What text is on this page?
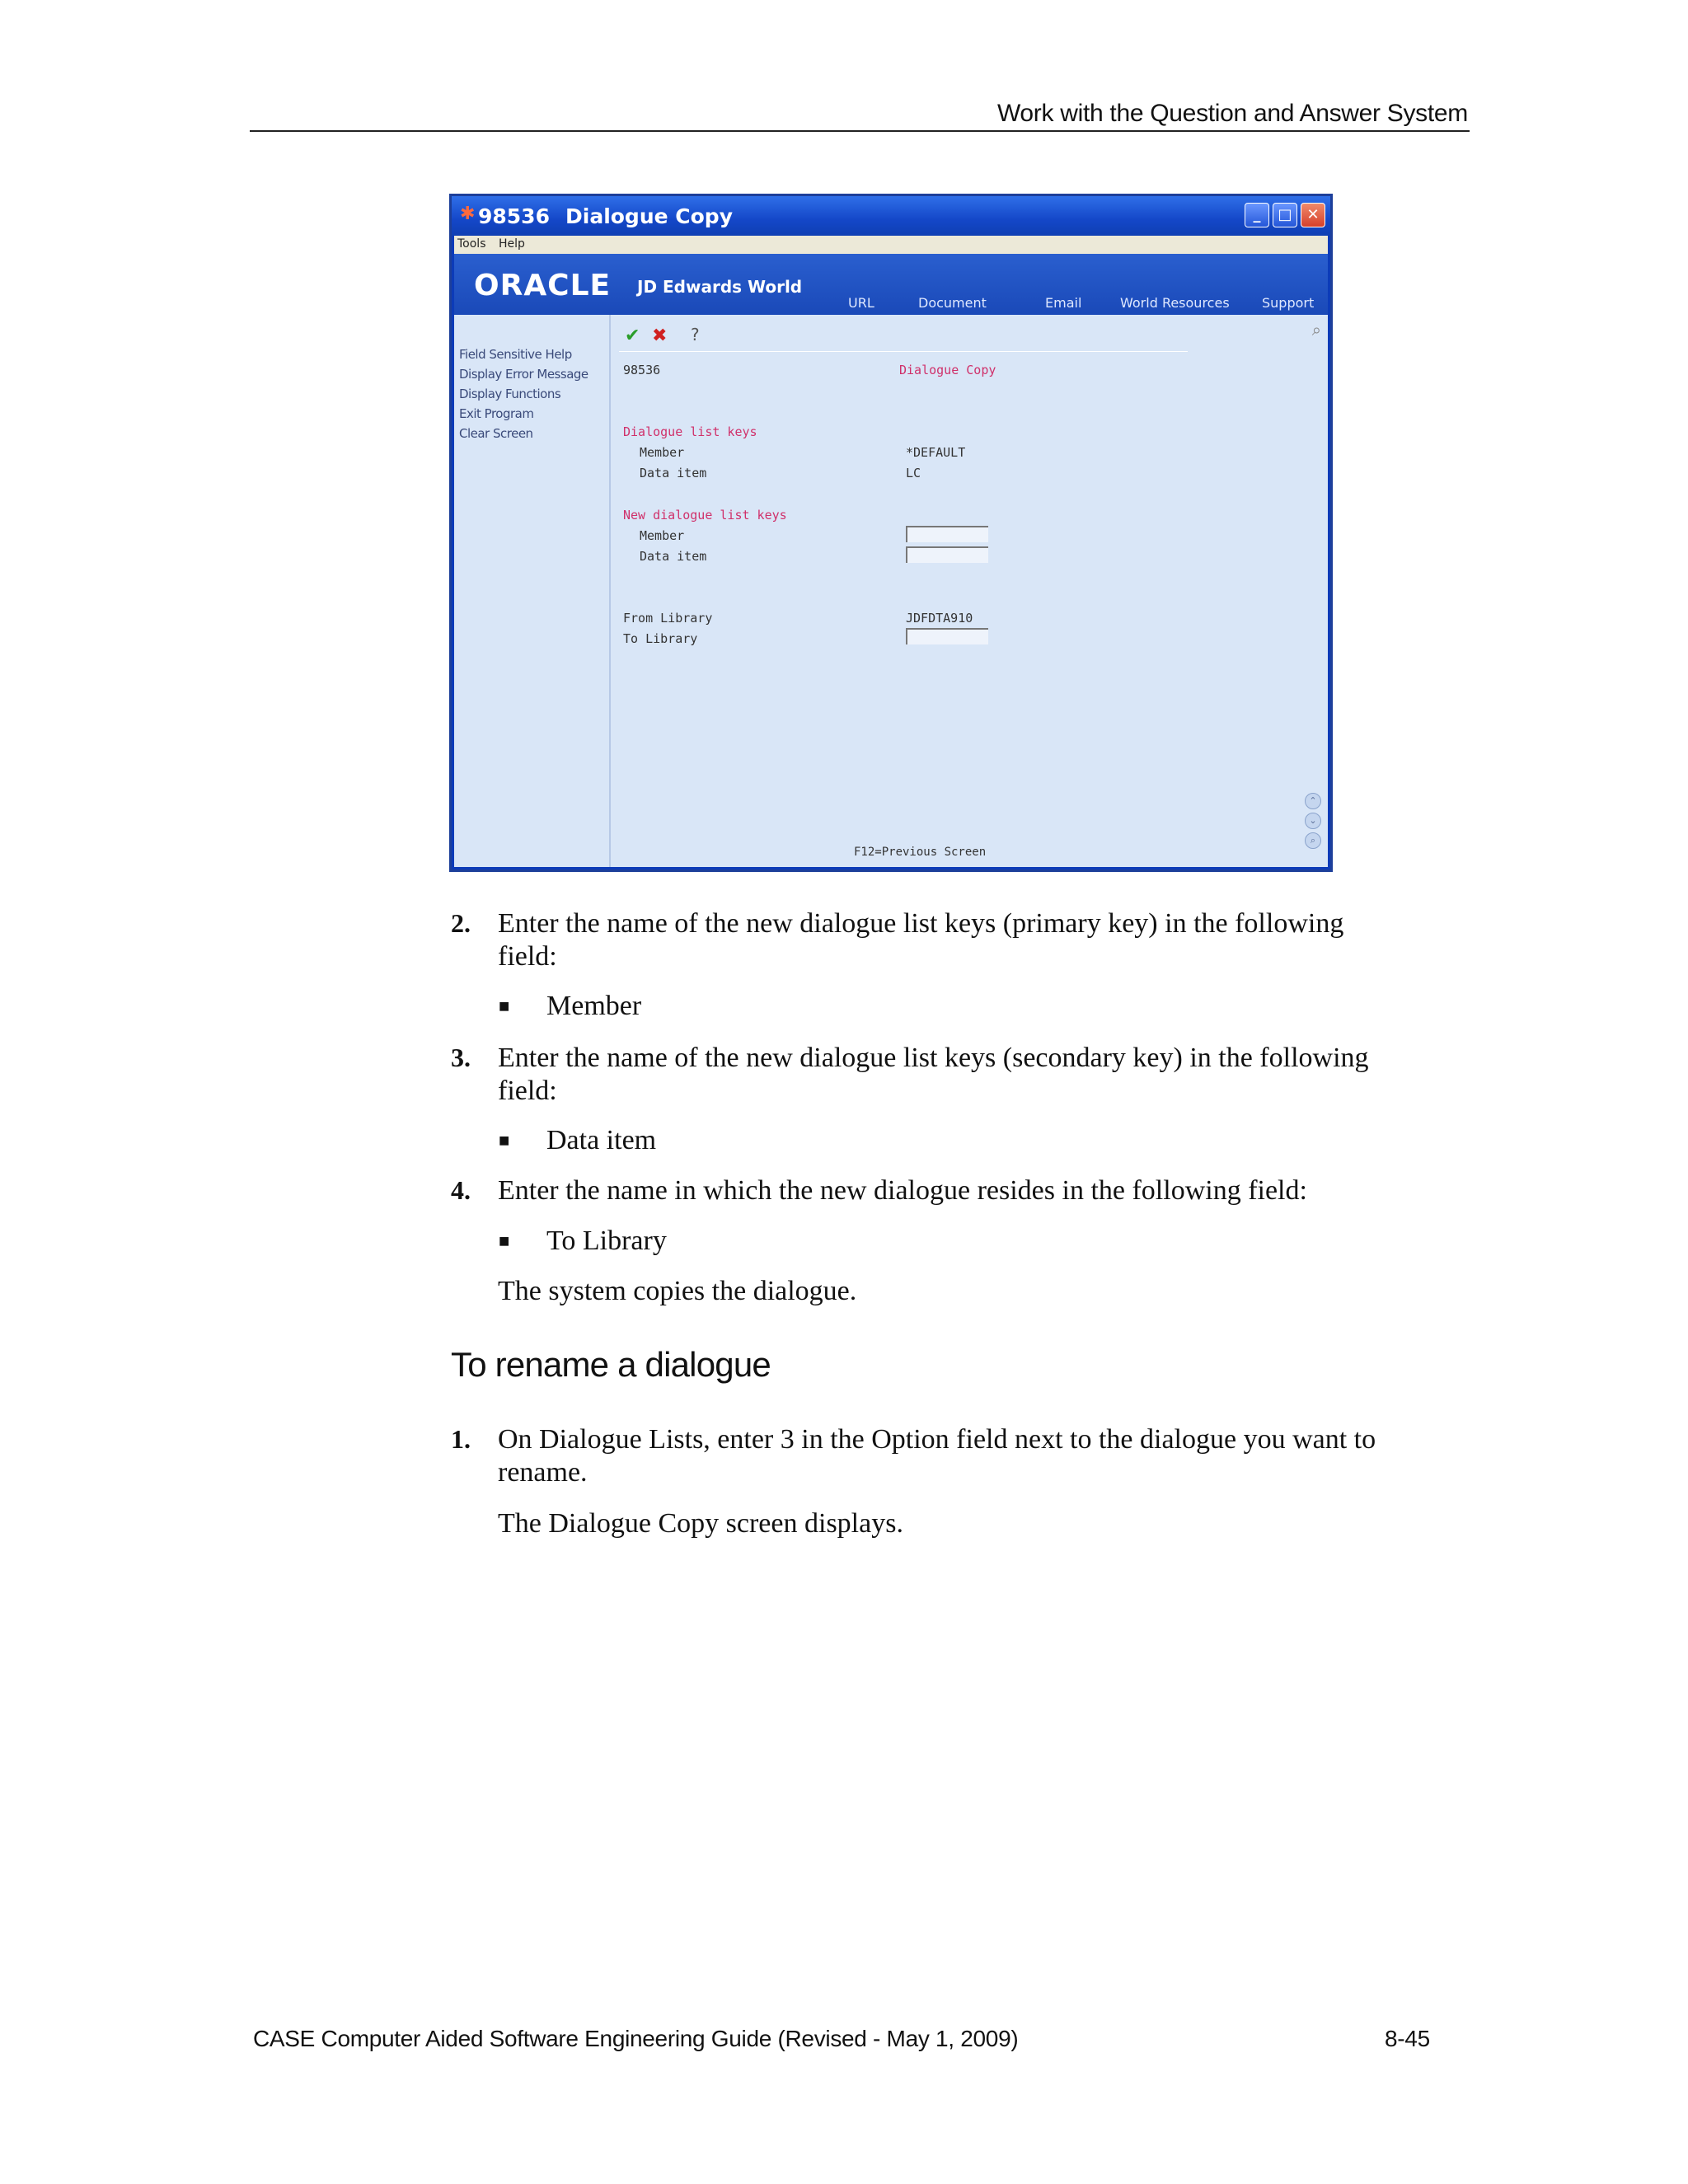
Work with the Question and Answer System
✱ 98536 Dialogue Copy	_	□ ✕
Tools Help
ORACLE JD Edwards World
URL	Document	Email	World Resources Support
Field Sensitive Help
Display Error Message
Display Functions
Exit Program
Clear Screen
✔ ✖ ?	⌕
98536	Dialogue Copy
Dialogue list keys
Member	*DEFAULT
Data item	LC
New dialogue list keys
Member
Data item
From Library	JDFDTA910
To Library
⌃
⌄
⌕
F12=Previous Screen
2. Enter the name of the new dialogue list keys (primary key) in the following
field:
■ Member
3. Enter the name of the new dialogue list keys (secondary key) in the following
field:
■ Data item
4. Enter the name in which the new dialogue resides in the following field:
■ To Library
The system copies the dialogue.
To rename a dialogue
1. On Dialogue Lists, enter 3 in the Option field next to the dialogue you want to
rename.
The Dialogue Copy screen displays.
CASE Computer Aided Software Engineering Guide (Revised - May 1, 2009)	8-45
